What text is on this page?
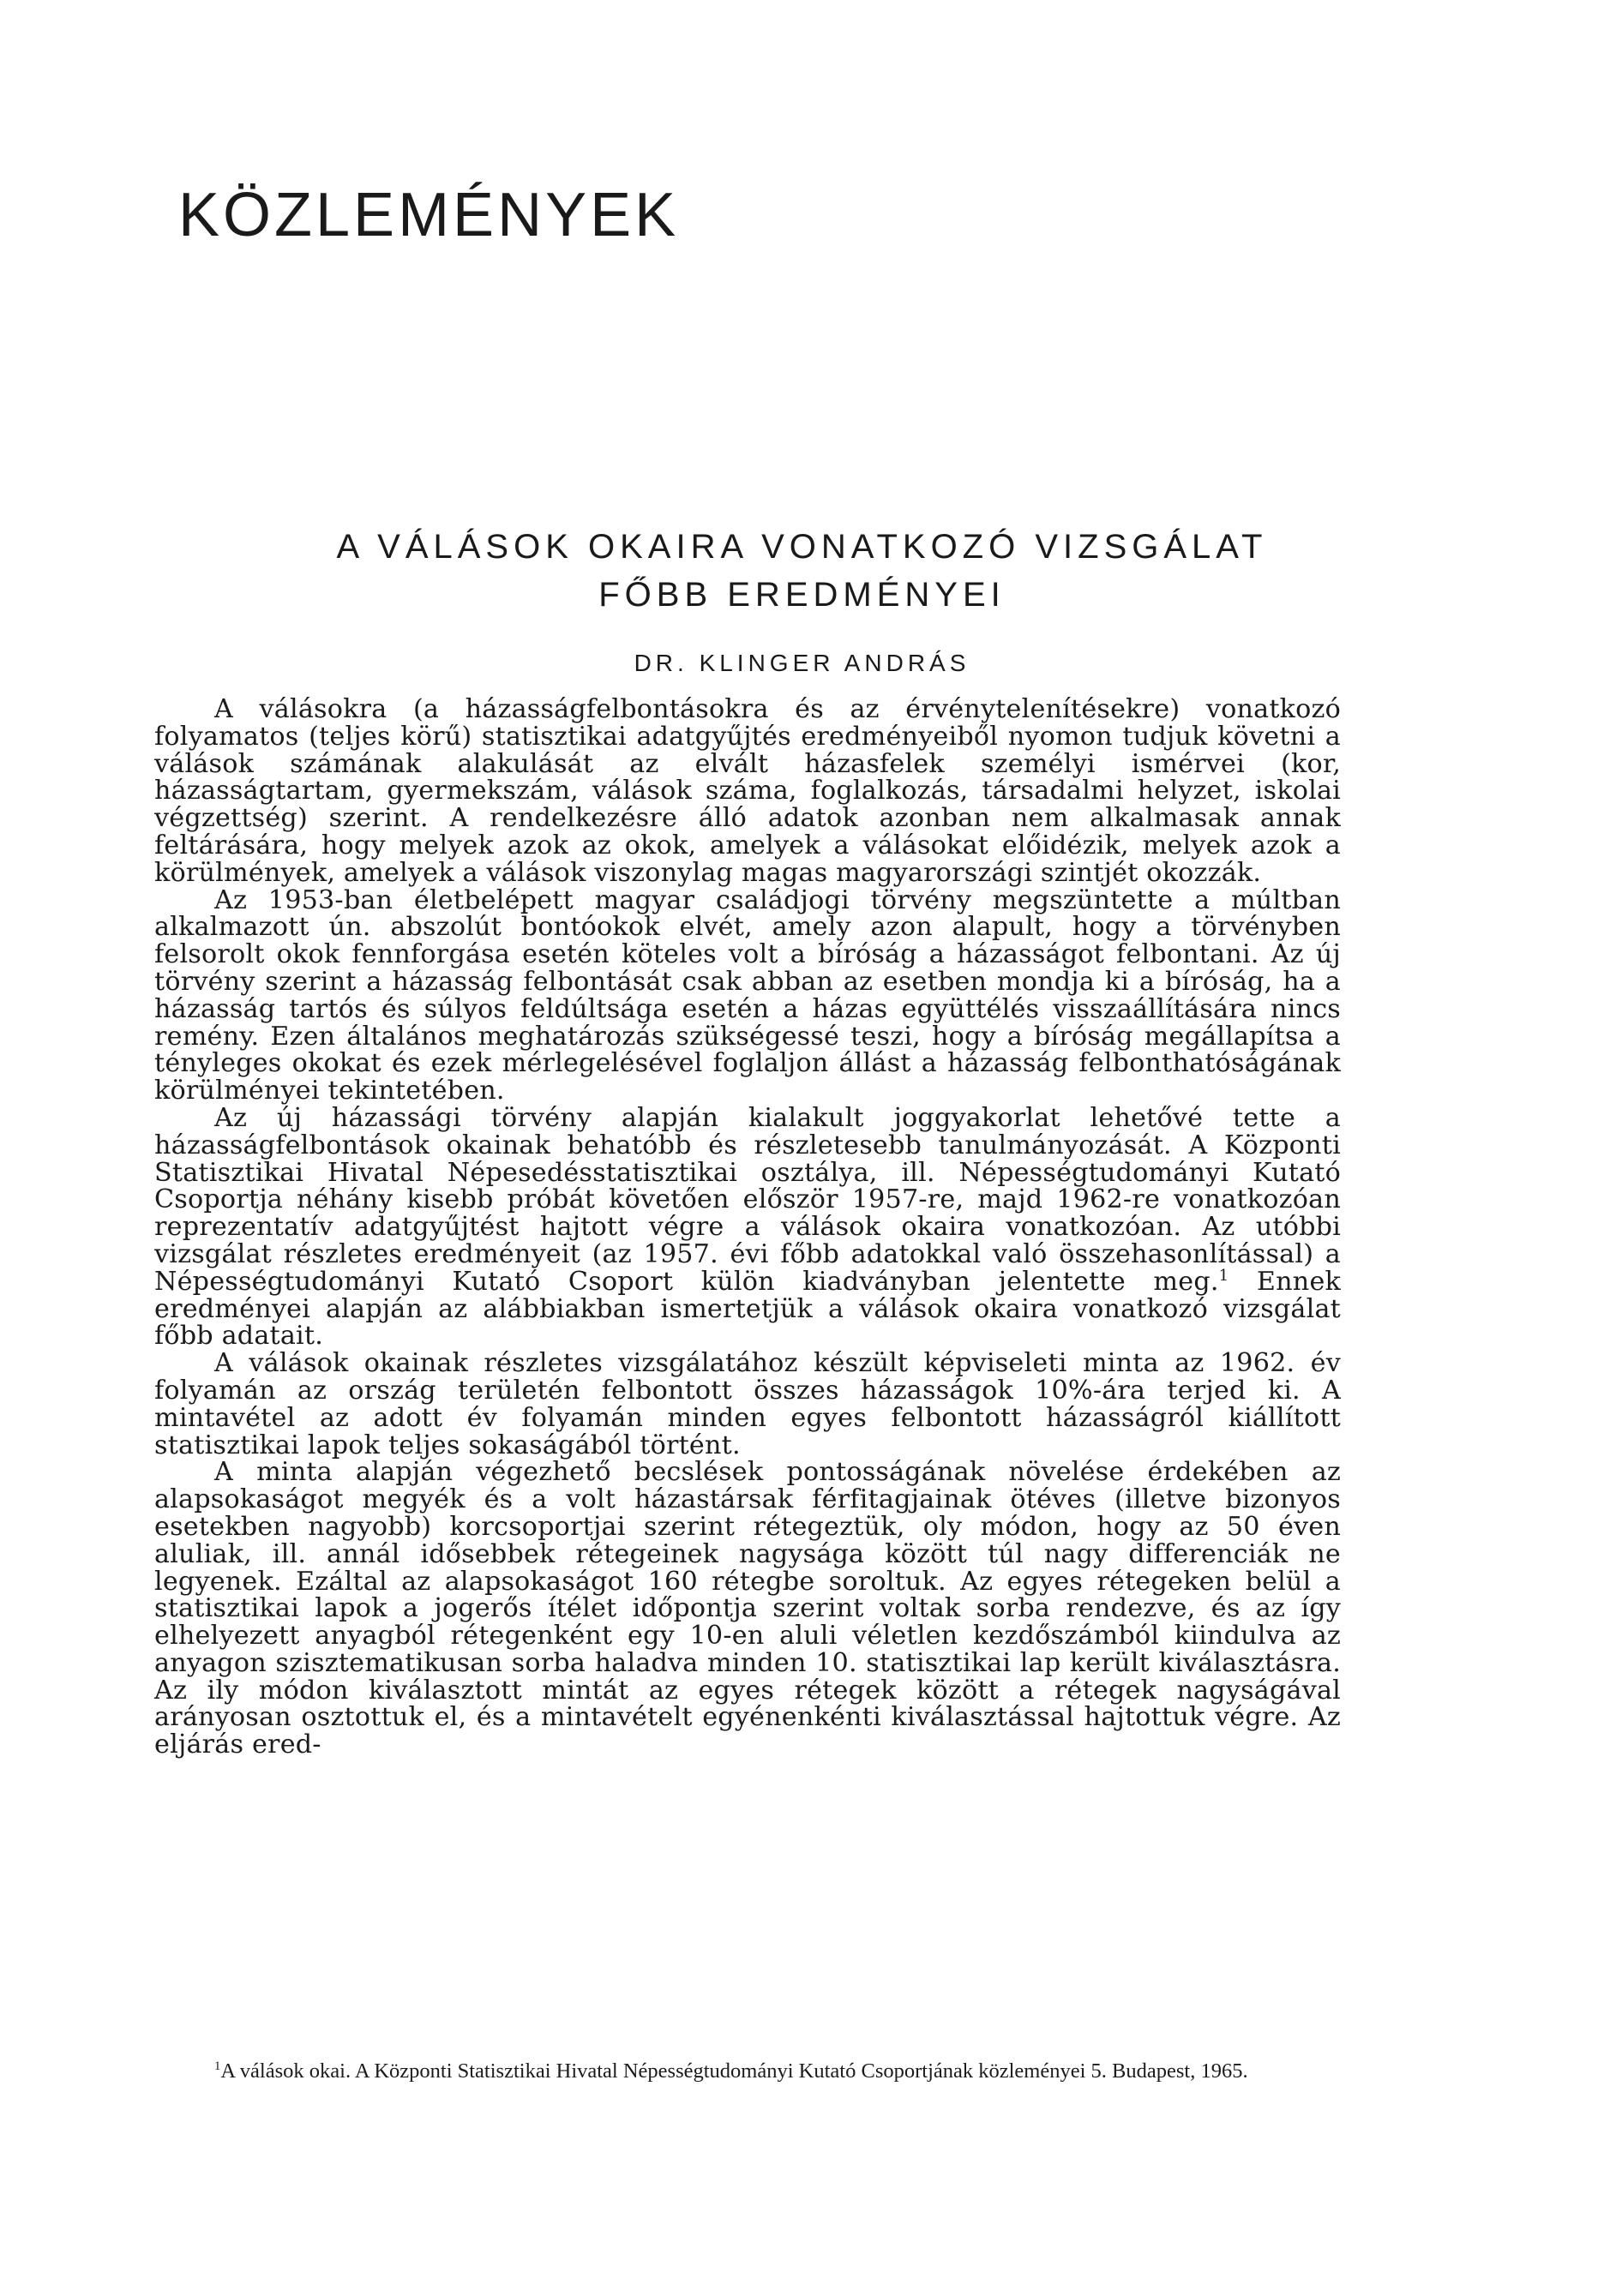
KÖZLEMÉNYEK
A VÁLÁSOK OKAIRA VONATKOZÓ VIZSGÁLAT
FŐBB EREDMÉNYEI
DR. KLINGER ANDRÁS

A válásokra (a házasságfelbontásokra és az érvénytelenítésekre) vonatkozó folyamatos (teljes körű) statisztikai adatgyűjtés eredményeiből nyomon tudjuk követni a válások számának alakulását az elvált házasfelek személyi ismérvei (kor, házasságtartam, gyermekszám, válások száma, foglalkozás, társadalmi helyzet, iskolai végzettség) szerint. A rendelkezésre álló adatok azonban nem alkalmasak annak feltárására, hogy melyek azok az okok, amelyek a válásokat előidézik, melyek azok a körülmények, amelyek a válások viszonylag magas magyarországi szintjét okozzák.

Az 1953-ban életbelépett magyar családjogi törvény megszüntette a múltban alkalmazott ún. abszolút bontóokok elvét, amely azon alapult, hogy a törvényben felsorolt okok fennforgása esetén köteles volt a bíróság a házasságot felbontani. Az új törvény szerint a házasság felbontását csak abban az esetben mondja ki a bíróság, ha a házasság tartós és súlyos feldúltsága esetén a házas együttélés visszaállítására nincs remény. Ezen általános meghatározás szükségessé teszi, hogy a bíróság megállapítsa a tényleges okokat és ezek mérlegelésével foglaljon állást a házasság felbonthatóságának körülményei tekintetében.

Az új házassági törvény alapján kialakult joggyakorlat lehetővé tette a házasságfelbontások okainak behatóbb és részletesebb tanulmányozását. A Központi Statisztikai Hivatal Népesedésstatisztikai osztálya, ill. Népességtudományi Kutató Csoportja néhány kisebb próbát követően először 1957-re, majd 1962-re vonatkozóan reprezentatív adatgyűjtést hajtott végre a válások okaira vonatkozóan. Az utóbbi vizsgálat részletes eredményeit (az 1957. évi főbb adatokkal való összehasonlítással) a Népességtudományi Kutató Csoport külön kiadványban jelentette meg.$^1$ Ennek eredményei alapján az alábbiakban ismertetjük a válások okaira vonatkozó vizsgálat főbb adatait.

A válások okainak részletes vizsgálatához készült képviseleti minta az 1962. év folyamán az ország területén felbontott összes házasságok 10%-ára terjed ki. A mintavétel az adott év folyamán minden egyes felbontott házasságról kiállított statisztikai lapok teljes sokaságából történt.

A minta alapján végezhető becslések pontosságának növelése érdekében az alapsokaságot megyék és a volt házastársak férfitagjainak ötéves (illetve bizonyos esetekben nagyobb) korcsoportjai szerint rétegeztük, oly módon, hogy az 50 éven aluliak, ill. annál idősebbek rétegeinek nagysága között túl nagy differenciák ne legyenek. Ezáltal az alapsokaságot 160 rétegbe soroltuk. Az egyes rétegeken belül a statisztikai lapok a jogerős ítélet időpontja szerint voltak sorba rendezve, és az így elhelyezett anyagból rétegenként egy 10-en aluli véletlen kezdőszámból kiindulva az anyagon szisztematikusan sorba haladva minden 10. statisztikai lap került kiválasztásra. Az ily módon kiválasztott mintát az egyes rétegek között a rétegek nagyságával arányosan osztottuk el, és a mintavételt egyénenkénti kiválasztással hajtottuk végre. Az eljárás ered-

$^1$A válások okai. A Központi Statisztikai Hivatal Népességtudományi Kutató Csoportjának közleményei 5. Budapest, 1965.
